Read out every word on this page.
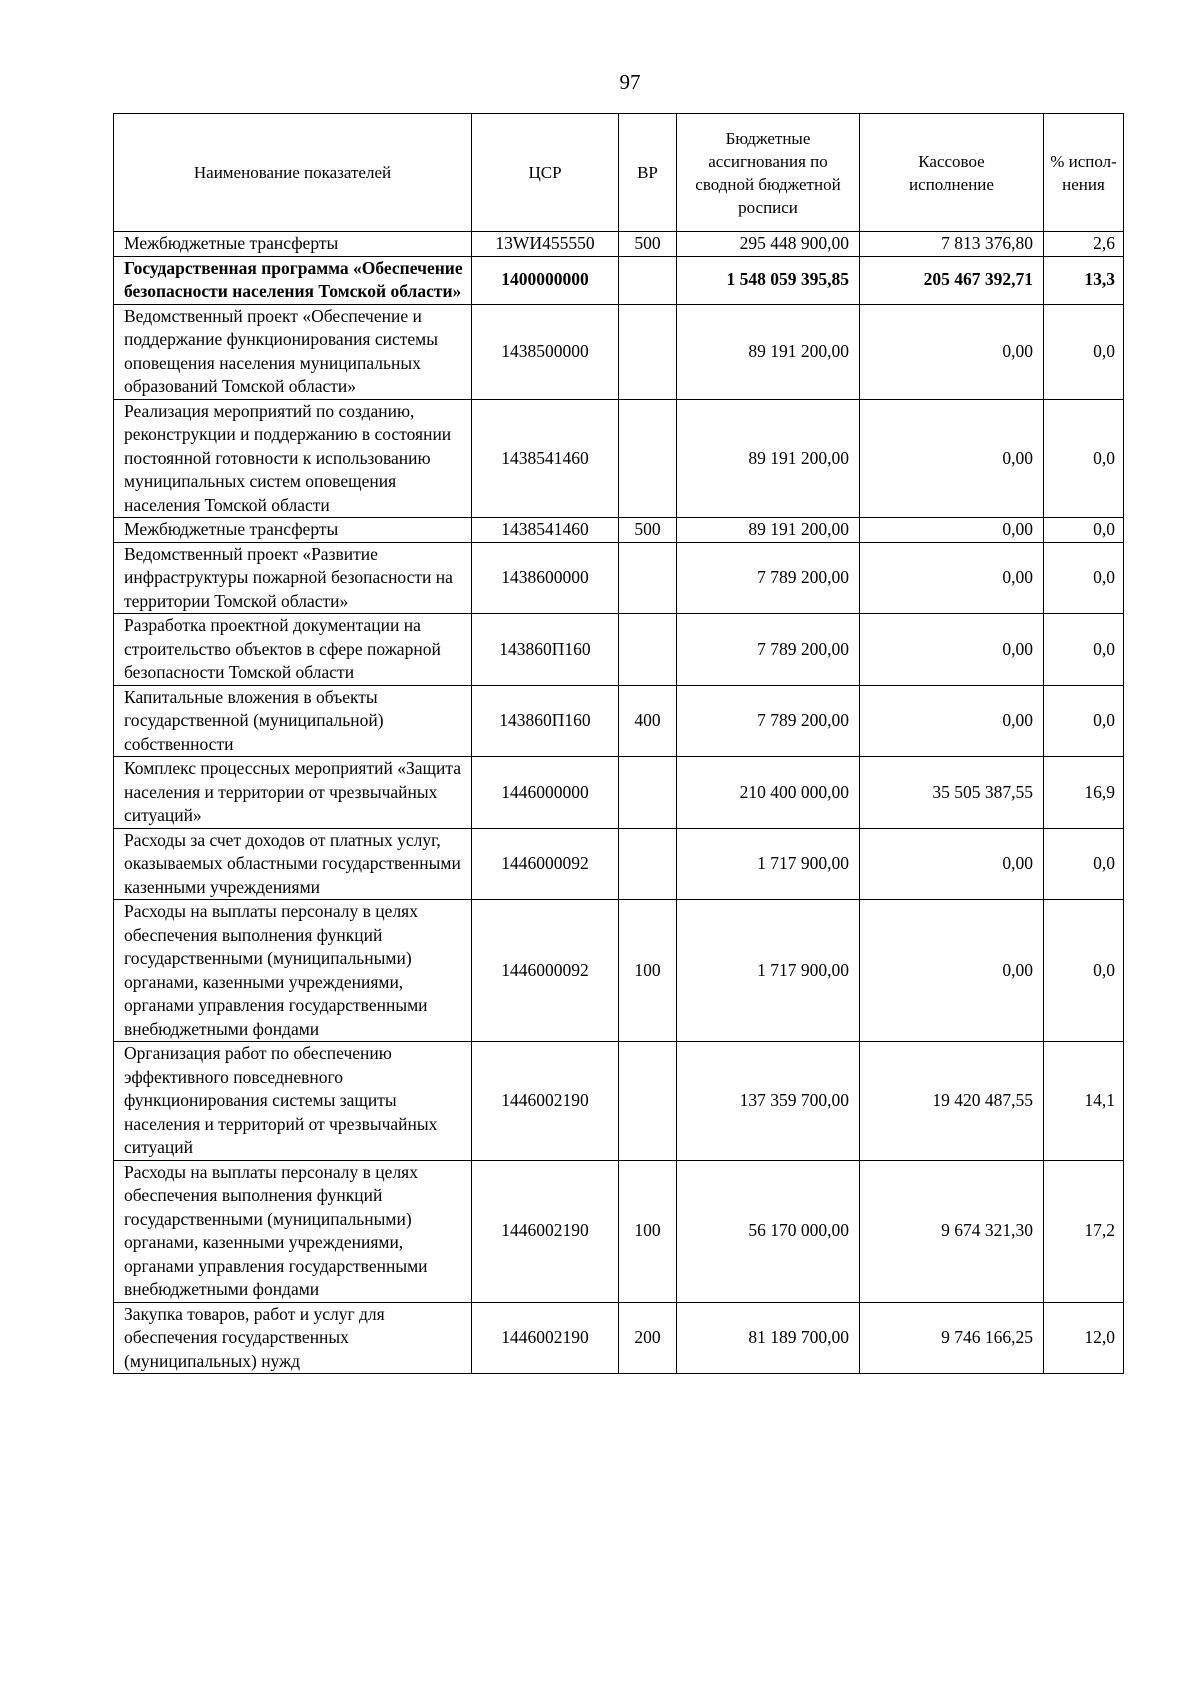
97
Наименование показателей	ЦСР	ВР	Бюджетные ассигнования по сводной бюджетной росписи	Кассовое исполнение	% испол-нения
Межбюджетные трансферты	13WИ455550	500	295 448 900,00	7 813 376,80	2,6
Государственная программа «Обеспечение безопасности населения Томской области»	1400000000		1 548 059 395,85	205 467 392,71	13,3
Ведомственный проект «Обеспечение и поддержание функционирования системы оповещения населения муниципальных образований Томской области»	1438500000		89 191 200,00	0,00	0,0
Реализация мероприятий по созданию, реконструкции и поддержанию в состоянии постоянной готовности к использованию муниципальных систем оповещения населения Томской области	1438541460		89 191 200,00	0,00	0,0
Межбюджетные трансферты	1438541460	500	89 191 200,00	0,00	0,0
Ведомственный проект «Развитие инфраструктуры пожарной безопасности на территории Томской области»	1438600000		7 789 200,00	0,00	0,0
Разработка проектной документации на строительство объектов в сфере пожарной безопасности Томской области	143860П160		7 789 200,00	0,00	0,0
Капитальные вложения в объекты государственной (муниципальной) собственности	143860П160	400	7 789 200,00	0,00	0,0
Комплекс процессных мероприятий «Защита населения и территории от чрезвычайных ситуаций»	1446000000		210 400 000,00	35 505 387,55	16,9
Расходы за счет доходов от платных услуг, оказываемых областными государственными казенными учреждениями	1446000092		1 717 900,00	0,00	0,0
Расходы на выплаты персоналу в целях обеспечения выполнения функций государственными (муниципальными) органами, казенными учреждениями, органами управления государственными внебюджетными фондами	1446000092	100	1 717 900,00	0,00	0,0
Организация работ по обеспечению эффективного повседневного функционирования системы защиты населения и территорий от чрезвычайных ситуаций	1446002190		137 359 700,00	19 420 487,55	14,1
Расходы на выплаты персоналу в целях обеспечения выполнения функций государственными (муниципальными) органами, казенными учреждениями, органами управления государственными внебюджетными фондами	1446002190	100	56 170 000,00	9 674 321,30	17,2
Закупка товаров, работ и услуг для обеспечения государственных (муниципальных) нужд	1446002190	200	81 189 700,00	9 746 166,25	12,0
